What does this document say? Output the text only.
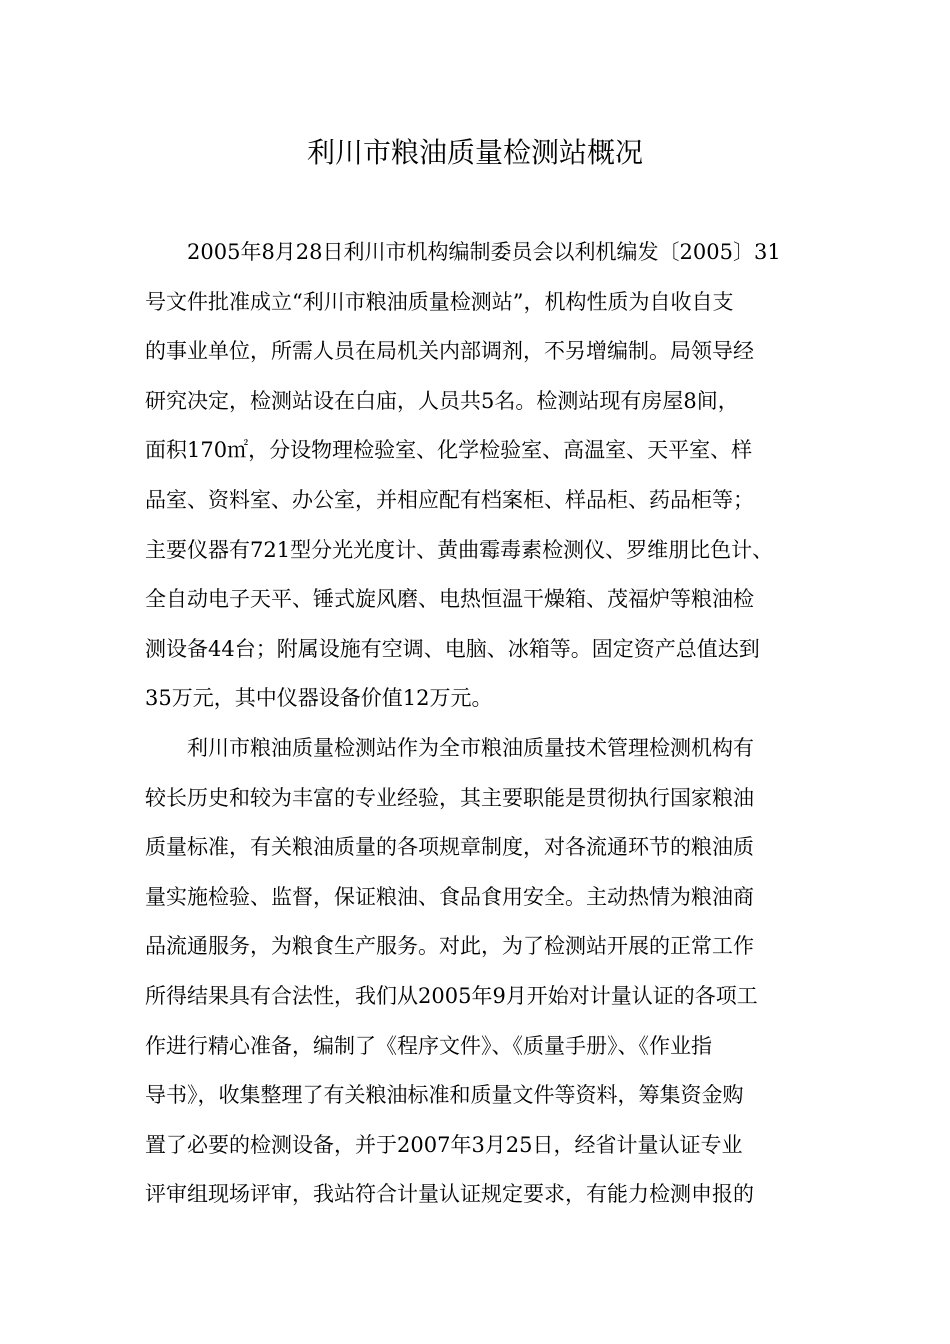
利川市粮油质量检测站概况
2005年8月28日利川市机构编制委员会以利机编发〔2005〕31
号文件批准成立“利川市粮油质量检测站”，机构性质为自收自支
的事业单位，所需人员在局机关内部调剂，不另增编制。局领导经
研究决定，检测站设在白庙，人员共5名。检测站现有房屋8间，
面积170㎡，分设物理检验室、化学检验室、高温室、天平室、样
品室、资料室、办公室，并相应配有档案柜、样品柜、药品柜等；
主要仪器有721型分光光度计、黄曲霉毒素检测仪、罗维朋比色计、
全自动电子天平、锤式旋风磨、电热恒温干燥箱、茂福炉等粮油检
测设备44台；附属设施有空调、电脑、冰箱等。固定资产总值达到
35万元，其中仪器设备价值12万元。
利川市粮油质量检测站作为全市粮油质量技术管理检测机构有
较长历史和较为丰富的专业经验，其主要职能是贯彻执行国家粮油
质量标准，有关粮油质量的各项规章制度，对各流通环节的粮油质
量实施检验、监督，保证粮油、食品食用安全。主动热情为粮油商
品流通服务，为粮食生产服务。对此，为了检测站开展的正常工作
所得结果具有合法性，我们从2005年9月开始对计量认证的各项工
作进行精心准备，编制了《程序文件》、《质量手册》、《作业指
导书》，收集整理了有关粮油标准和质量文件等资料，筹集资金购
置了必要的检测设备，并于2007年3月25日，经省计量认证专业
评审组现场评审，我站符合计量认证规定要求，有能力检测申报的
